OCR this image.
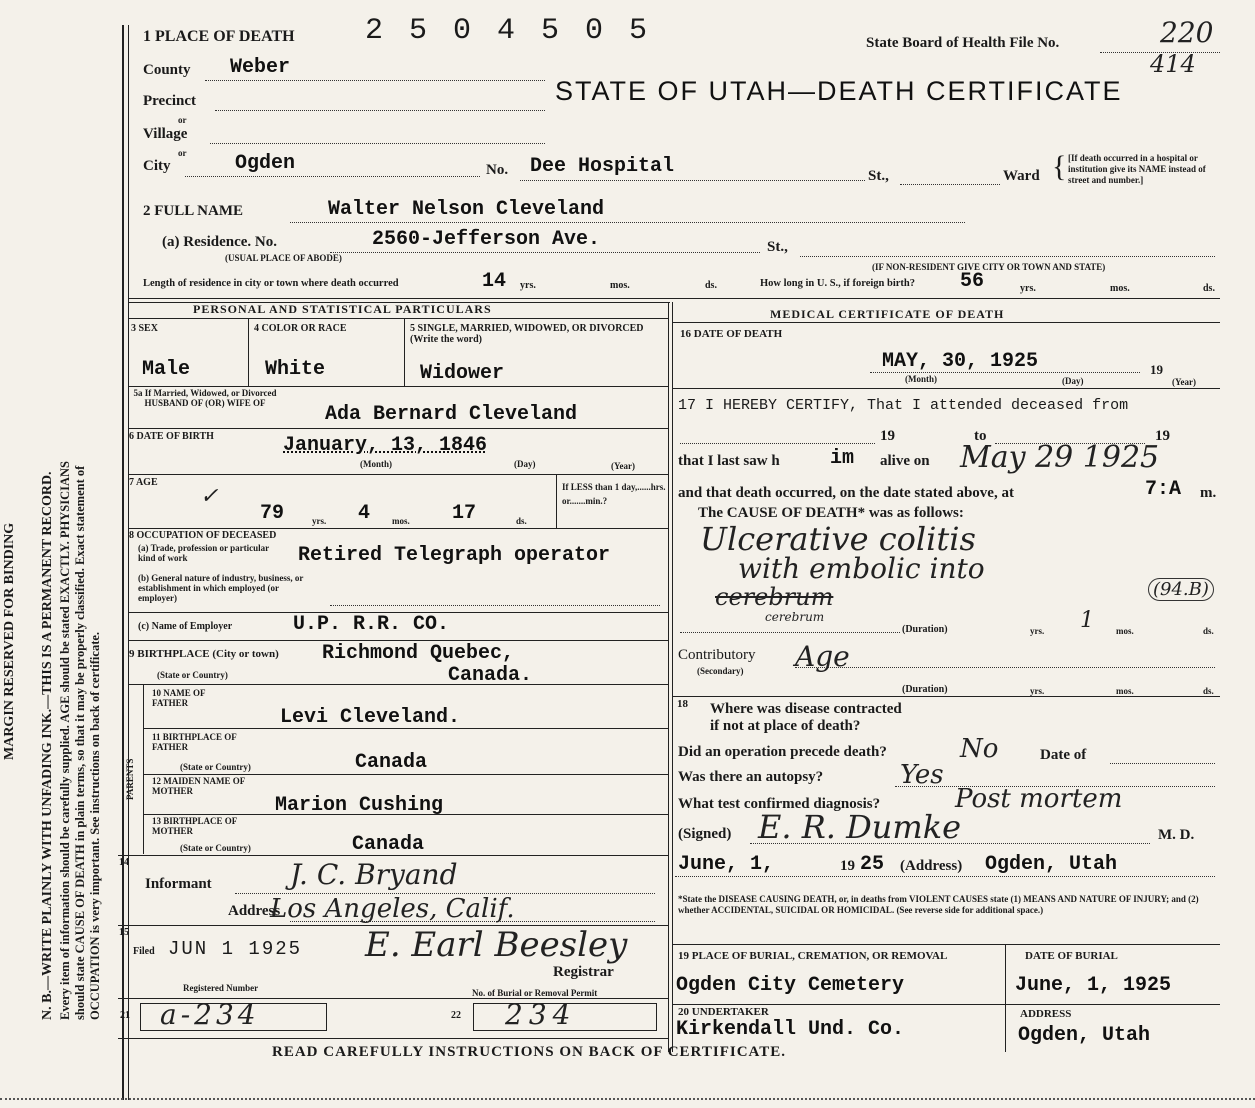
MARGIN RESERVED FOR BINDING N. B.—WRITE PLAINLY WITH UNFADING INK.—THIS IS A PERMANENT RECORD. Every item of information should be carefully supplied. AGE should be stated EXACTLY. PHYSICIANS should state CAUSE OF DEATH in plain terms, so that it may be properly classified. Exact statement of OCCUPATION is very important. See instructions on back of certificate.
1 PLACE OF DEATH 2 5 0 4 5 0 5	State Board of Health File No.	220
414
STATE OF UTAH—DEATH CERTIFICATE
County Weber
Precinct
or
Village
or
City	Ogden	No. Dee Hospital	St.,	Ward { [If death occurred in a hospital or institution give its NAME instead of street and number.]
2 FULL NAME	Walter Nelson Cleveland
(a) Residence. No.	2560-Jefferson Ave.	St.,
(USUAL PLACE OF ABODE)
(IF NON-RESIDENT GIVE CITY OR TOWN AND STATE)
Length of residence in city or town where death occurred	14 yrs.	mos.	ds.	How long in U. S., if foreign birth? 56	yrs.	mos.	ds.
PERSONAL AND STATISTICAL PARTICULARS
3 SEX	4 COLOR OR RACE	5 SINGLE, MARRIED, WIDOWED, OR DIVORCED (Write the word)
Male	White	Widower
5a If Married, Widowed, or Divorced HUSBAND OF (OR) WIFE OF	Ada Bernard Cleveland
6 DATE OF BIRTH	January, 13, 1846
(Month)	(Day)	(Year)
7 AGE
✓
79	yrs. 4 mos. 17	ds.
If LESS than 1 day,......hrs. or.......min.?
8 OCCUPATION OF DECEASED
(a) Trade, profession or particular kind of work
(b) General nature of industry, business, or establishment in which employed (or employer)
Retired Telegraph operator
(c) Name of Employer	U.P. R.R. CO.
9 BIRTHPLACE (City or town) Richmond Quebec,
(State or Country)	Canada.
PARENTS
10 NAME OF FATHER
Levi Cleveland.
11 BIRTHPLACE OF FATHER
(State or Country)	Canada
12 MAIDEN NAME OF MOTHER
Marion Cushing
13 BIRTHPLACE OF MOTHER
(State or Country)	Canada
14
Informant	J. C. Bryand
Address
Los Angeles, Calif.
15
Filed JUN 1 1925 E. Earl Beesley
Registrar
Registered Number	No. of Burial or Removal Permit
21 a-234	22 234
MEDICAL CERTIFICATE OF DEATH
16 DATE OF DEATH
MAY, 30, 1925	19
(Month)	(Day)	(Year)
17 I HEREBY CERTIFY, That I attended deceased from
19	to	19
that I last saw h	im alive on May 29 1925
and that death occurred, on the date stated above, at	7:A m.
The CAUSE OF DEATH* was as follows:
Ulcerative colitis
with embolic into
cerebrum	(94.B)
cerebrum
(Duration)	yrs. 1 mos.	ds.
Contributory
(Secondary) Age
(Duration)	yrs.	mos.	ds.
18 Where was disease contracted
if not at place of death?
Did an operation precede death?	No	Date of
Was there an autopsy?	Yes
What test confirmed diagnosis?	Post mortem
(Signed) E. R. Dumke	M. D.
June, 1,	19 25 (Address) Ogden, Utah
*State the DISEASE CAUSING DEATH, or, in deaths from VIOLENT CAUSES state (1) MEANS AND NATURE OF INJURY; and (2) whether ACCIDENTAL, SUICIDAL OR HOMICIDAL. (See reverse side for additional space.)
19 PLACE OF BURIAL, CREMATION, OR REMOVAL	DATE OF BURIAL
Ogden City Cemetery	June, 1, 1925
20 UNDERTAKER	ADDRESS
Kirkendall Und. Co.	Ogden, Utah
READ CAREFULLY INSTRUCTIONS ON BACK OF CERTIFICATE.
